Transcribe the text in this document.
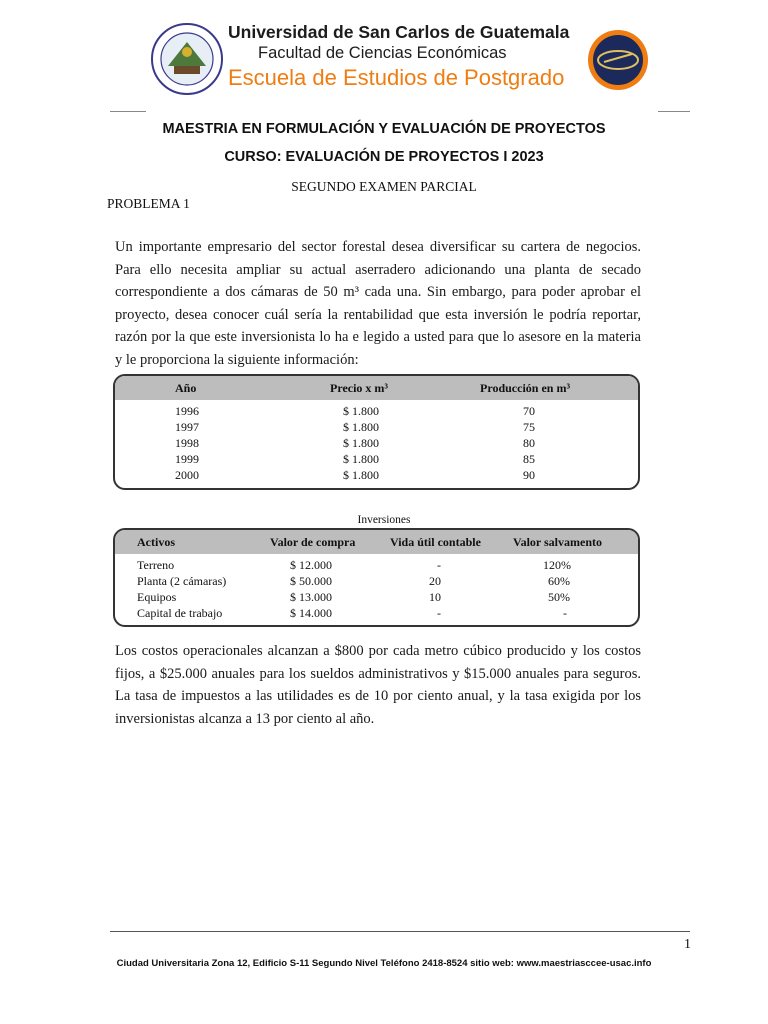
Universidad de San Carlos de Guatemala
Facultad de Ciencias Económicas
Escuela de Estudios de Postgrado
MAESTRIA EN FORMULACIÓN Y EVALUACIÓN DE PROYECTOS
CURSO: EVALUACIÓN DE PROYECTOS I 2023
SEGUNDO EXAMEN PARCIAL
PROBLEMA 1
Un importante empresario del sector forestal desea diversificar su cartera de negocios. Para ello necesita ampliar su actual aserradero adicionando una planta de secado correspondiente a dos cámaras de 50 m³ cada una. Sin embargo, para poder aprobar el proyecto, desea conocer cuál sería la rentabilidad que esta inversión le podría reportar, razón por la que este inversionista lo ha e legido a usted para que lo asesore en la materia y le proporciona la siguiente información:
Año	Precio x m³	Producción en m³
1996	$ 1.800	70
1997	$ 1.800	75
1998	$ 1.800	80
1999	$ 1.800	85
2000	$ 1.800	90
Inversiones
Activos	Valor de compra	Vida útil contable	Valor salvamento
Terreno	$ 12.000	-	120%
Planta (2 cámaras)	$ 50.000	20	60%
Equipos	$ 13.000	10	50%
Capital de trabajo	$ 14.000	-	-
Los costos operacionales alcanzan a $800 por cada metro cúbico producido y los costos fijos, a $25.000 anuales para los sueldos administrativos y $15.000 anuales para seguros. La tasa de impuestos a las utilidades es de 10 por ciento anual, y la tasa exigida por los inversionistas alcanza a 13 por ciento al año.
1
Ciudad Universitaria Zona 12, Edificio S-11 Segundo Nivel Teléfono 2418-8524 sitio web: www.maestriasccee-usac.info
